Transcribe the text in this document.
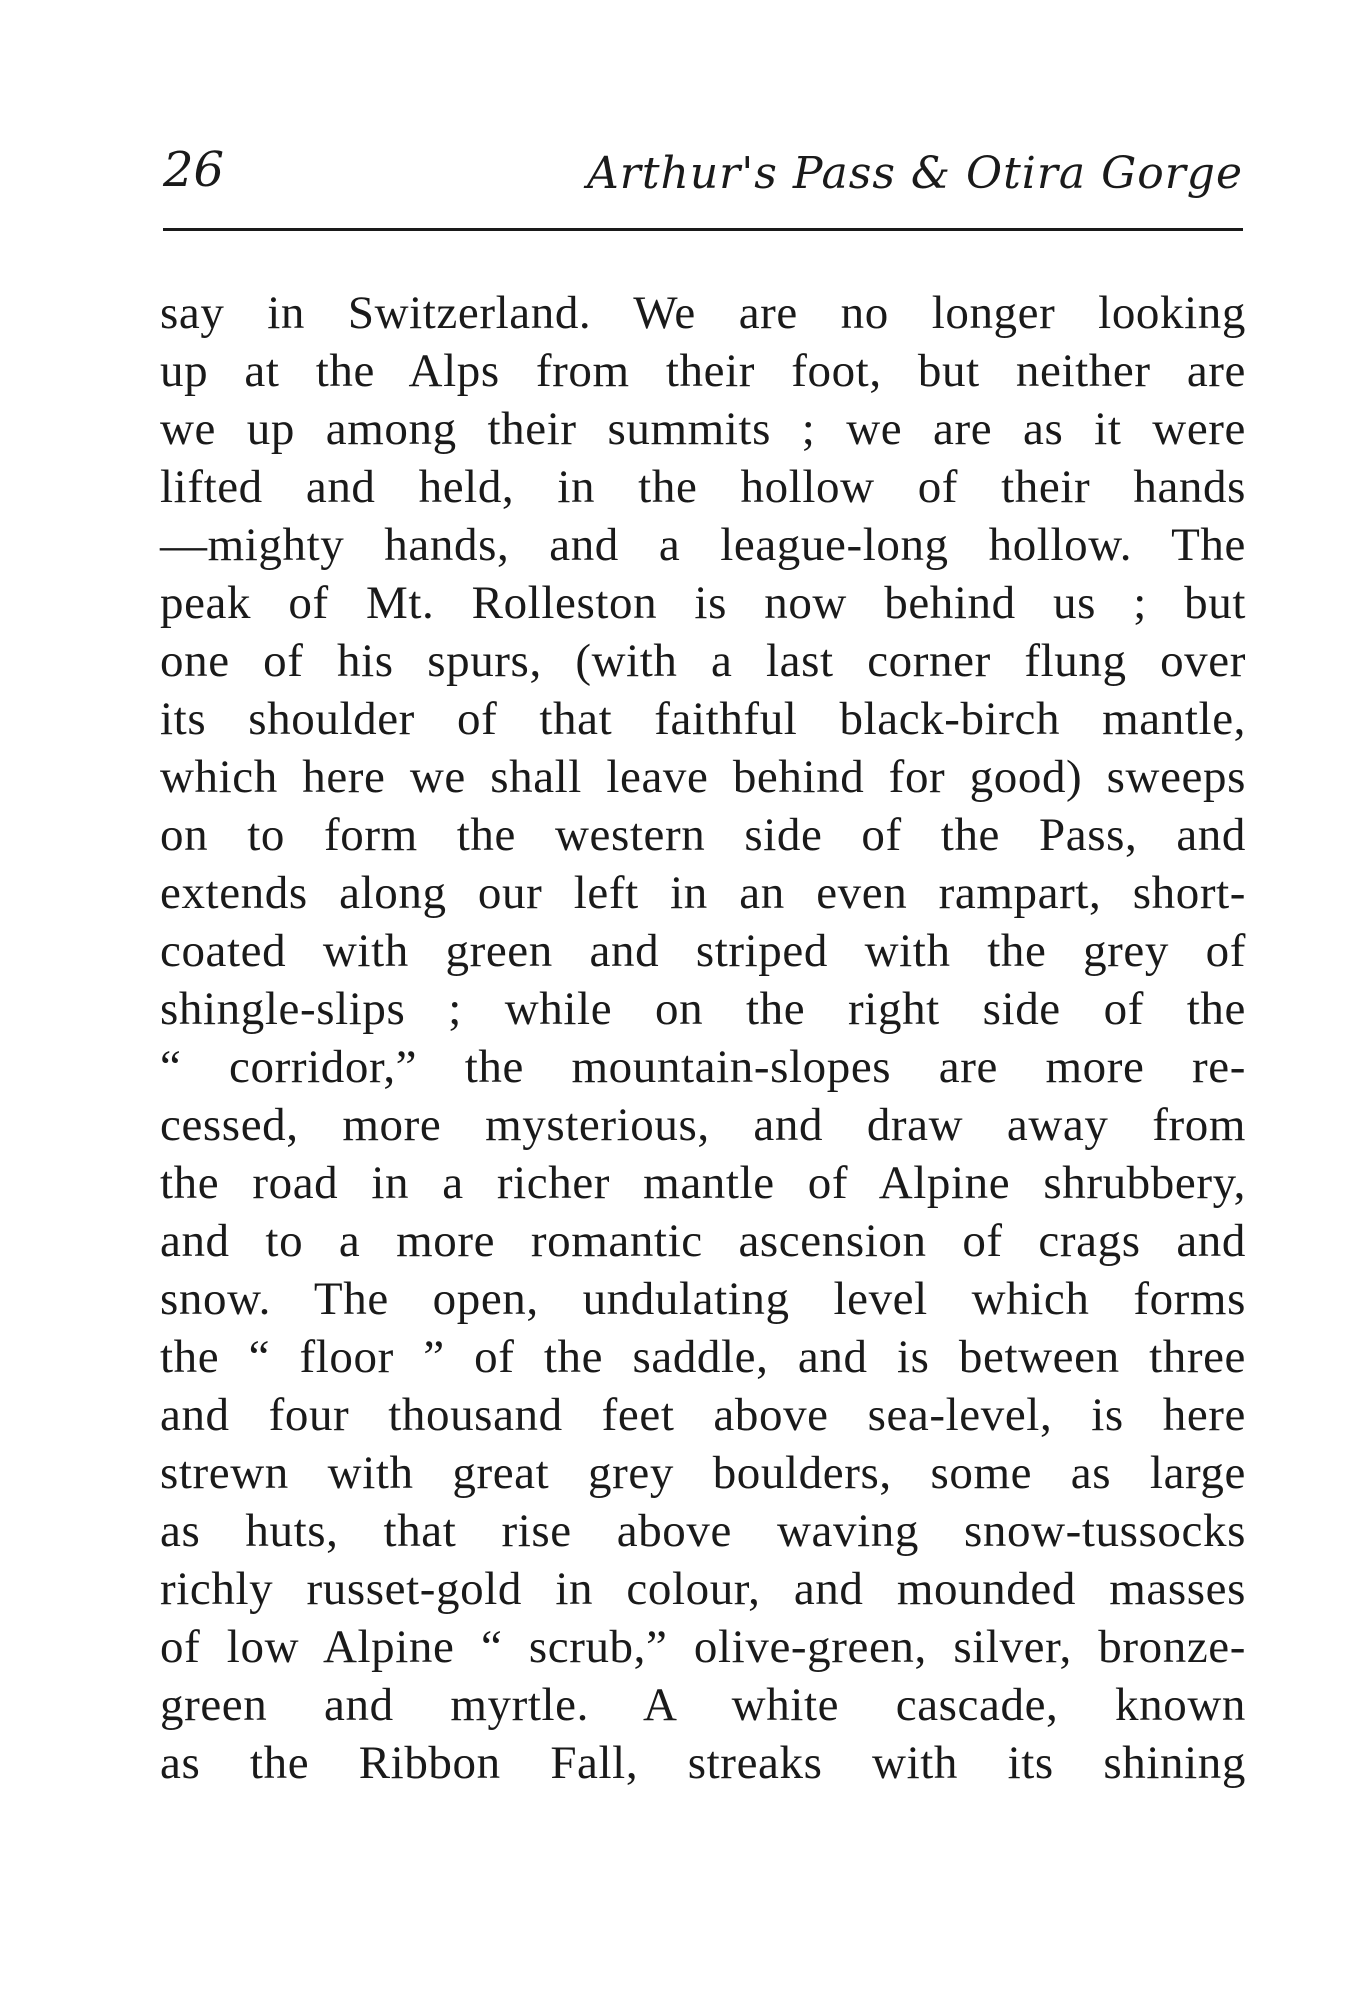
26	Arthur's Pass & Otira Gorge
say in Switzerland. We are no longer looking
up at the Alps from their foot, but neither are
we up among their summits ; we are as it were
lifted and held, in the hollow of their hands
—mighty hands, and a league-long hollow. The
peak of Mt. Rolleston is now behind us ; but
one of his spurs, (with a last corner flung over
its shoulder of that faithful black-birch mantle,
which here we shall leave behind for good) sweeps
on to form the western side of the Pass, and
extends along our left in an even rampart, short-
coated with green and striped with the grey of
shingle-slips ; while on the right side of the
“ corridor,” the mountain-slopes are more re-
cessed, more mysterious, and draw away from
the road in a richer mantle of Alpine shrubbery,
and to a more romantic ascension of crags and
snow. The open, undulating level which forms
the “ floor ” of the saddle, and is between three
and four thousand feet above sea-level, is here
strewn with great grey boulders, some as large
as huts, that rise above waving snow-tussocks
richly russet-gold in colour, and mounded masses
of low Alpine “ scrub,” olive-green, silver, bronze-
green and myrtle. A white cascade, known
as the Ribbon Fall, streaks with its shining
